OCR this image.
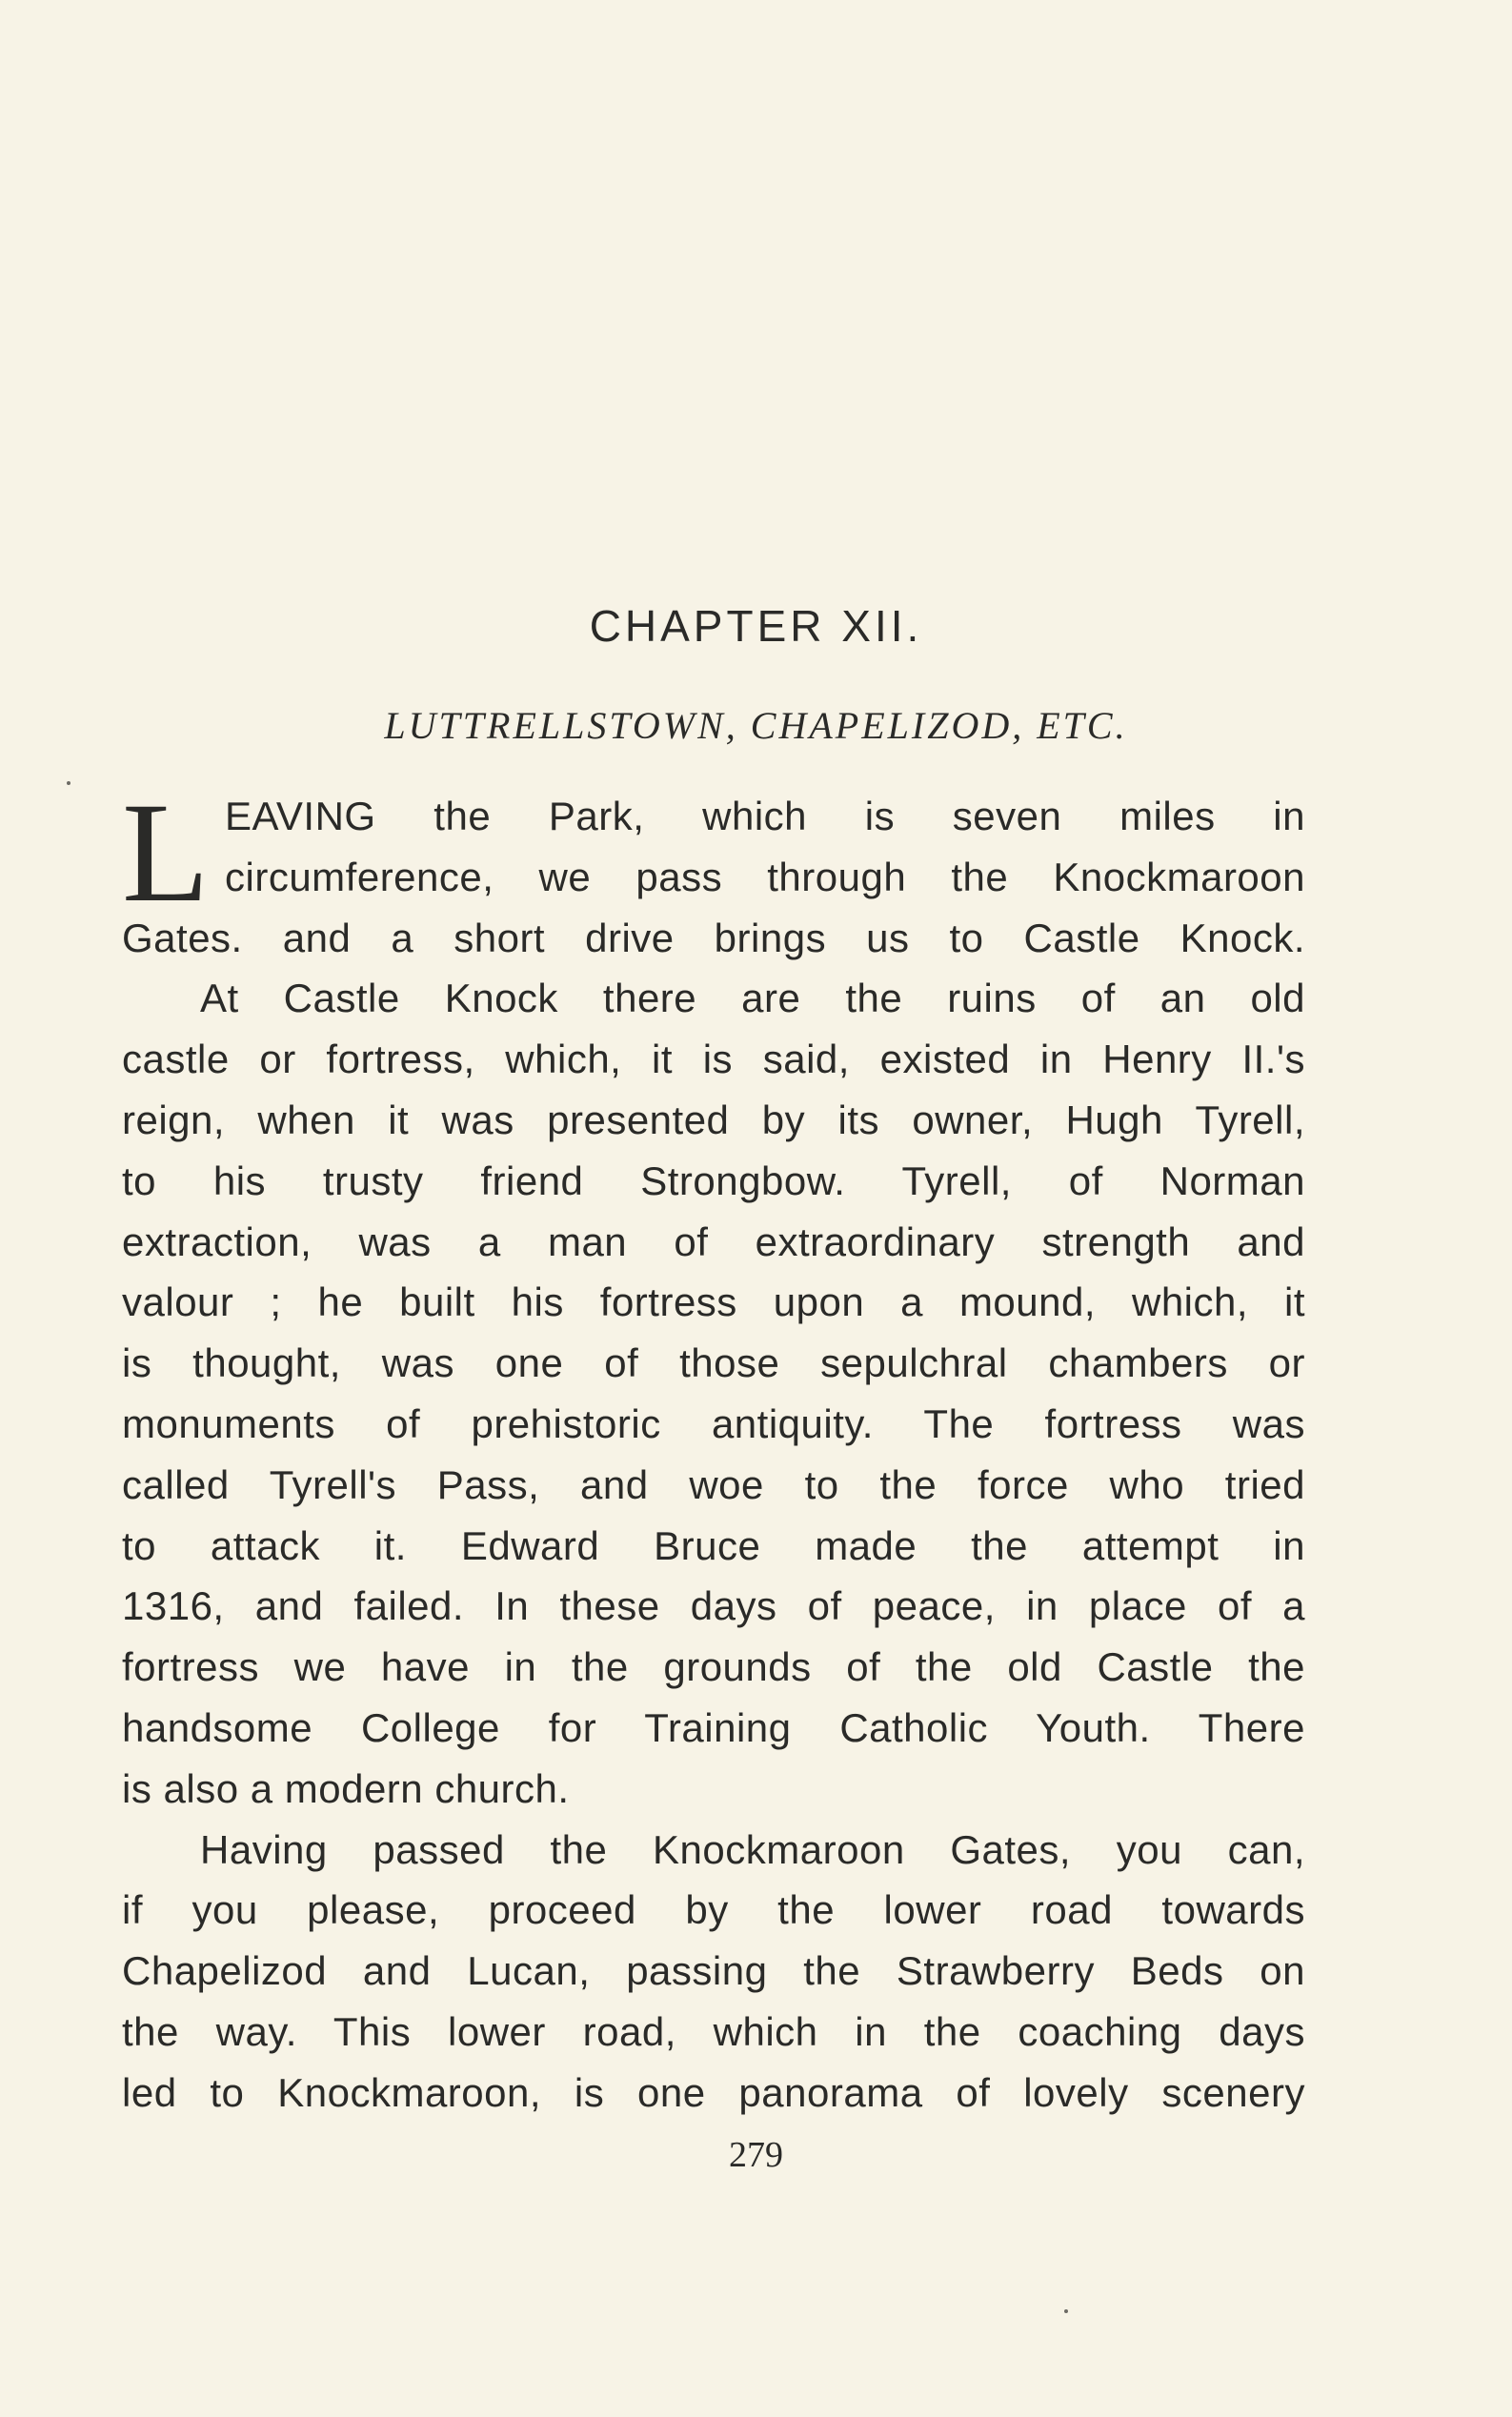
CHAPTER XII.
LUTTRELLSTOWN, CHAPELIZOD, ETC.
L EAVING the Park, which is seven miles in
circumference, we pass through the Knockmaroon
Gates. and a short drive brings us to Castle Knock.
At Castle Knock there are the ruins of an old
castle or fortress, which, it is said, existed in Henry II.'s
reign, when it was presented by its owner, Hugh Tyrell,
to his trusty friend Strongbow. Tyrell, of Norman
extraction, was a man of extraordinary strength and
valour ; he built his fortress upon a mound, which, it
is thought, was one of those sepulchral chambers or
monuments of prehistoric antiquity. The fortress was
called Tyrell's Pass, and woe to the force who tried
to attack it. Edward Bruce made the attempt in
1316, and failed. In these days of peace, in place of a
fortress we have in the grounds of the old Castle the
handsome College for Training Catholic Youth. There
is also a modern church.
Having passed the Knockmaroon Gates, you can,
if you please, proceed by the lower road towards
Chapelizod and Lucan, passing the Strawberry Beds on
the way. This lower road, which in the coaching days
led to Knockmaroon, is one panorama of lovely scenery
279
